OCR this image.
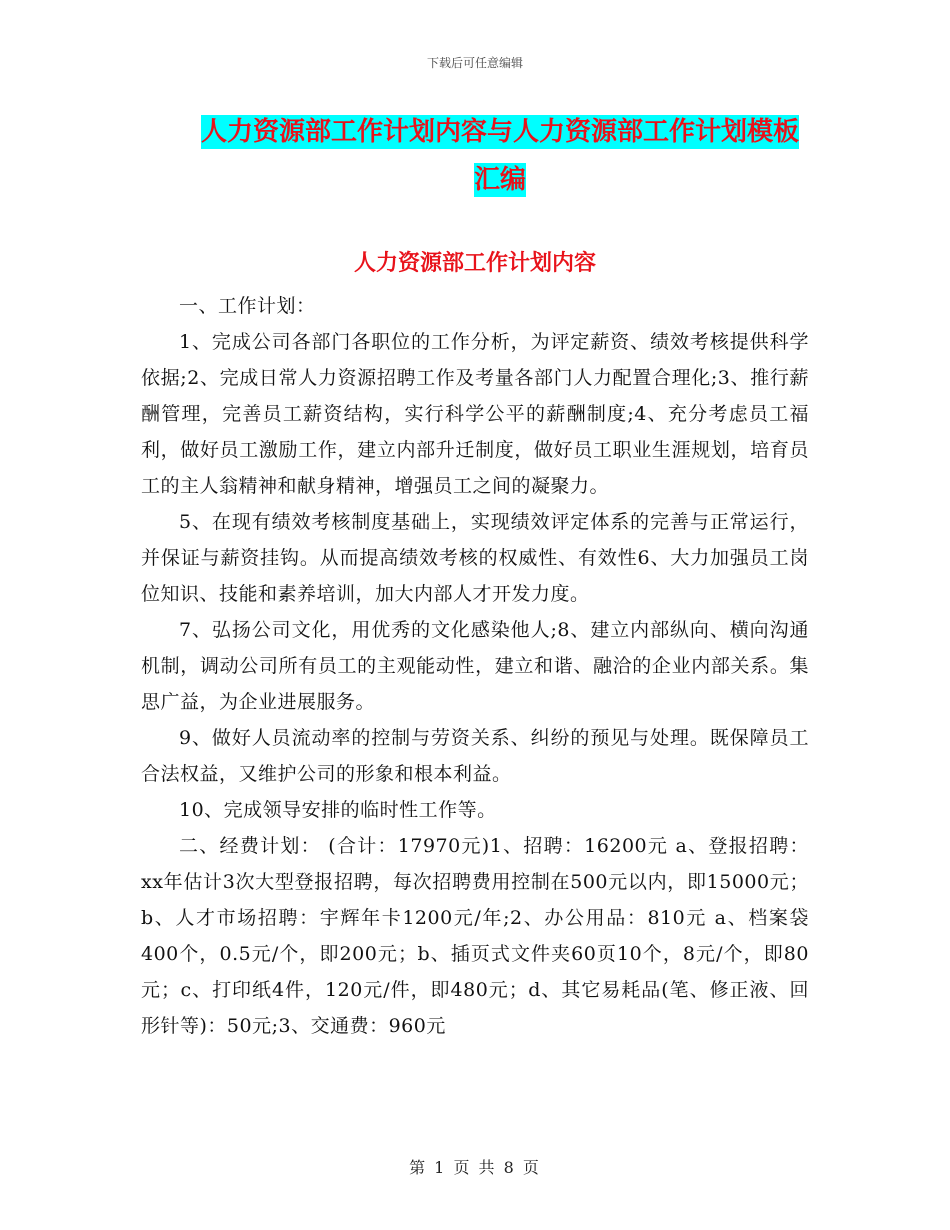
下载后可任意编辑
人力资源部工作计划内容与人力资源部工作计划模板
汇编
人力资源部工作计划内容

一、工作计划：

1、完成公司各部门各职位的工作分析，为评定薪资、绩效考核提供科学依据;2、完成日常人力资源招聘工作及考量各部门人力配置合理化;3、推行薪酬管理，完善员工薪资结构，实行科学公平的薪酬制度;4、充分考虑员工福利，做好员工激励工作，建立内部升迁制度，做好员工职业生涯规划，培育员工的主人翁精神和献身精神，增强员工之间的凝聚力。

5、在现有绩效考核制度基础上，实现绩效评定体系的完善与正常运行，并保证与薪资挂钩。从而提高绩效考核的权威性、有效性6、大力加强员工岗位知识、技能和素养培训，加大内部人才开发力度。

7、弘扬公司文化，用优秀的文化感染他人;8、建立内部纵向、横向沟通机制，调动公司所有员工的主观能动性，建立和谐、融洽的企业内部关系。集思广益，为企业进展服务。

9、做好人员流动率的控制与劳资关系、纠纷的预见与处理。既保障员工合法权益，又维护公司的形象和根本利益。

10、完成领导安排的临时性工作等。

二、经费计划： (合计：17970元)1、招聘：16200元 a、登报招聘：xx年估计3次大型登报招聘，每次招聘费用控制在500元以内，即15000元；b、人才市场招聘：宇辉年卡1200元/年;2、办公用品：810元 a、档案袋400个，0.5元/个，即200元；b、插页式文件夹60页10个，8元/个，即80元；c、打印纸4件，120元/件，即480元；d、其它易耗品(笔、修正液、回形针等)：50元;3、交通费：960元

第 1 页 共 8 页
